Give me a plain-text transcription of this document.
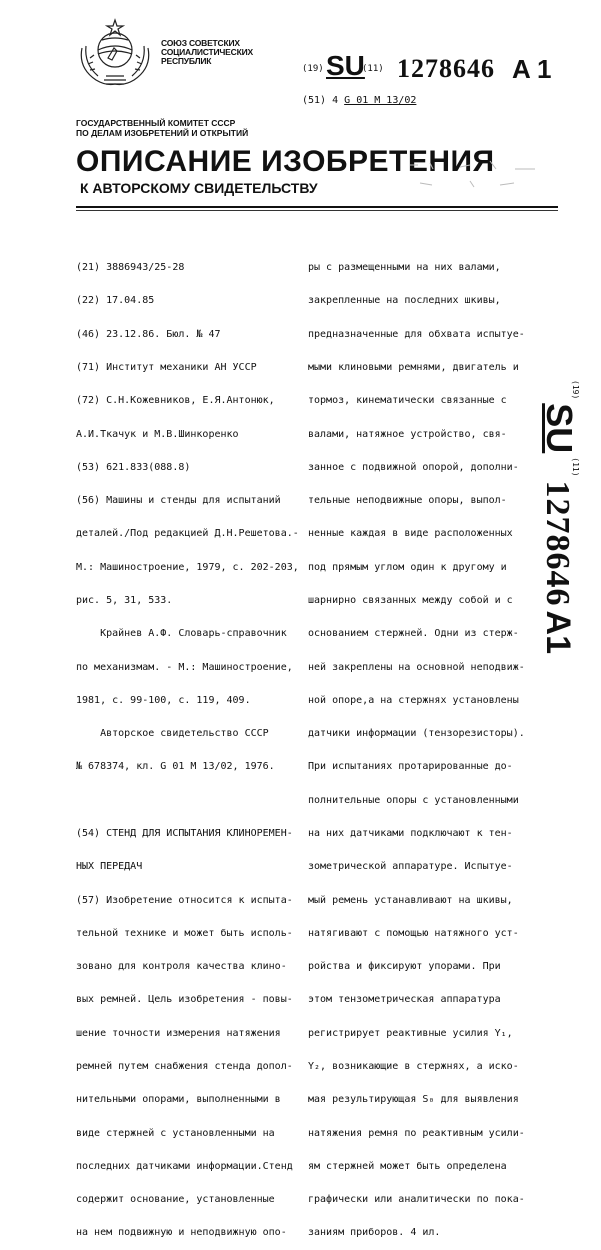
СОЮЗ СОВЕТСКИХ
СОЦИАЛИСТИЧЕСКИХ
РЕСПУБЛИК
(19) SU
(11) 1278646 A 1
(51) 4 G 01 M 13/02
ГОСУДАРСТВЕННЫЙ КОМИТЕТ СССР
ПО ДЕЛАМ ИЗОБРЕТЕНИЙ И ОТКРЫТИЙ
ОПИСАНИЕ ИЗОБРЕТЕНИЯ
К АВТОРСКОМУ СВИДЕТЕЛЬСТВУ

(21) 3886943/25-28

(22) 17.04.85

(46) 23.12.86. Бюл. № 47

(71) Институт механики АН УССР

(72) С.Н.Кожевников, Е.Я.Антонюк,

А.И.Ткачук и М.В.Шинкоренко

(53) 621.833(088.8)

(56) Машины и стенды для испытаний

деталей./Под редакцией Д.Н.Решетова.-

М.: Машиностроение, 1979, с. 202-203,

рис. 5, 31, 533.

Крайнев А.Ф. Словарь-справочник

по механизмам. - М.: Машиностроение,

1981, с. 99-100, с. 119, 409.

Авторское свидетельство СССР

№ 678374, кл. G 01 M 13/02, 1976.

(54) СТЕНД ДЛЯ ИСПЫТАНИЯ КЛИНОРЕМЕН-

НЫХ ПЕРЕДАЧ

(57) Изобретение относится к испыта-

тельной технике и может быть исполь-

зовано для контроля качества клино-

вых ремней. Цель изобретения - повы-

шение точности измерения натяжения

ремней путем снабжения стенда допол-

нительными опорами, выполненными в

виде стержней с установленными на

последних датчиками информации.Стенд

содержит основание, установленные

на нем подвижную и неподвижную опо-

ры с размещенными на них валами,

закрепленные на последних шкивы,

предназначенные для обхвата испытуе-

мыми клиновыми ремнями, двигатель и

тормоз, кинематически связанные с

валами, натяжное устройство, свя-

занное с подвижной опорой, дополни-

тельные неподвижные опоры, выпол-

ненные каждая в виде расположенных

под прямым углом один к другому и

шарнирно связанных между собой и с

основанием стержней. Одни из стерж-

ней закреплены на основной неподвиж-

ной опоре,а на стержнях установлены

датчики информации (тензорезисторы).

При испытаниях протарированные до-

полнительные опоры с установленными

на них датчиками подключают к тен-

зометрической аппаратуре. Испытуе-

мый ремень устанавливают на шкивы,

натягивают с помощью натяжного уст-

ройства и фиксируют упорами. При

этом тензометрическая аппаратура

регистрирует реактивные усилия Y₁,

Y₂, возникающие в стержнях, а иско-

мая результирующая S₀ для выявления

натяжения ремня по реактивным усили-

ям стержней может быть определена

графически или аналитически по пока-

заниям приборов. 4 ил.

$^{(19)}$ SU $^{(11)}$ 1278646 A1
